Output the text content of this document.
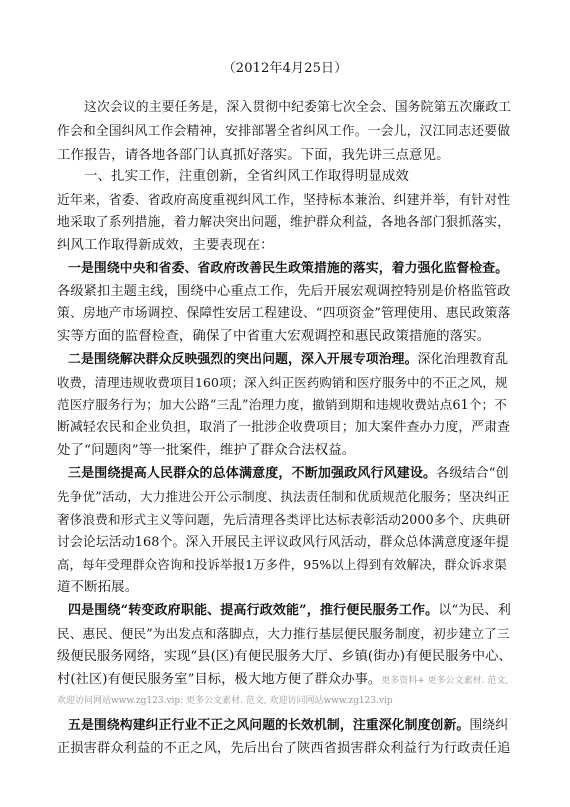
（2012年4月25日）
这次会议的主要任务是，深入贯彻中纪委第七次全会、国务院第五次廉政工
作会和全国纠风工作会精神，安排部署全省纠风工作。一会儿，汉江同志还要做
工作报告，请各地各部门认真抓好落实。下面，我先讲三点意见。
一、扎实工作，注重创新，全省纠风工作取得明显成效
近年来，省委、省政府高度重视纠风工作，坚持标本兼治、纠建并举，有针对性
地采取了系列措施，着力解决突出问题，维护群众利益，各地各部门狠抓落实，
纠风工作取得新成效，主要表现在：
一是围绕中央和省委、省政府改善民生政策措施的落实，着力强化监督检查。
各级紧扣主题主线，围绕中心重点工作，先后开展宏观调控特别是价格监管政
策、房地产市场调控、保障性安居工程建设、“四项资金”管理使用、惠民政策落
实等方面的监督检查，确保了中省重大宏观调控和惠民政策措施的落实。
二是围绕解决群众反映强烈的突出问题，深入开展专项治理。深化治理教育乱
收费，清理违规收费项目160项；深入纠正医药购销和医疗服务中的不正之风，规
范医疗服务行为；加大公路“三乱”治理力度，撤销到期和违规收费站点61个；不
断减轻农民和企业负担，取消了一批涉企收费项目；加大案件查办力度，严肃查
处了“问题肉”等一批案件，维护了群众合法权益。
三是围绕提高人民群众的总体满意度，不断加强政风行风建设。各级结合“创
先争优”活动，大力推进公开公示制度、执法责任制和优质规范化服务；坚决纠正
奢侈浪费和形式主义等问题，先后清理各类评比达标表彰活动2000多个、庆典研
讨会论坛活动168个。深入开展民主评议政风行风活动，群众总体满意度逐年提
高，每年受理群众咨询和投诉举报1万多件，95%以上得到有效解决，群众诉求渠
道不断拓展。
四是围绕“转变政府职能、提高行政效能”，推行便民服务工作。以“为民、利
民、惠民、便民”为出发点和落脚点，大力推行基层便民服务制度，初步建立了三
级便民服务网络，实现“县(区)有便民服务大厅、乡镇(街办)有便民服务中心、
村(社区)有便民服务室”目标，极大地方便了群众办事。更多资料+ 更多公文素材. 范文,
欢迎访问网站www.zg123.vip: 更多公文素材. 范文, 欢迎访问网站www.zg123.vip
五是围绕构建纠正行业不正之风问题的长效机制，注重深化制度创新。围绕纠
正损害群众利益的不正之风，先后出台了陕西省损害群众利益行为行政责任追
